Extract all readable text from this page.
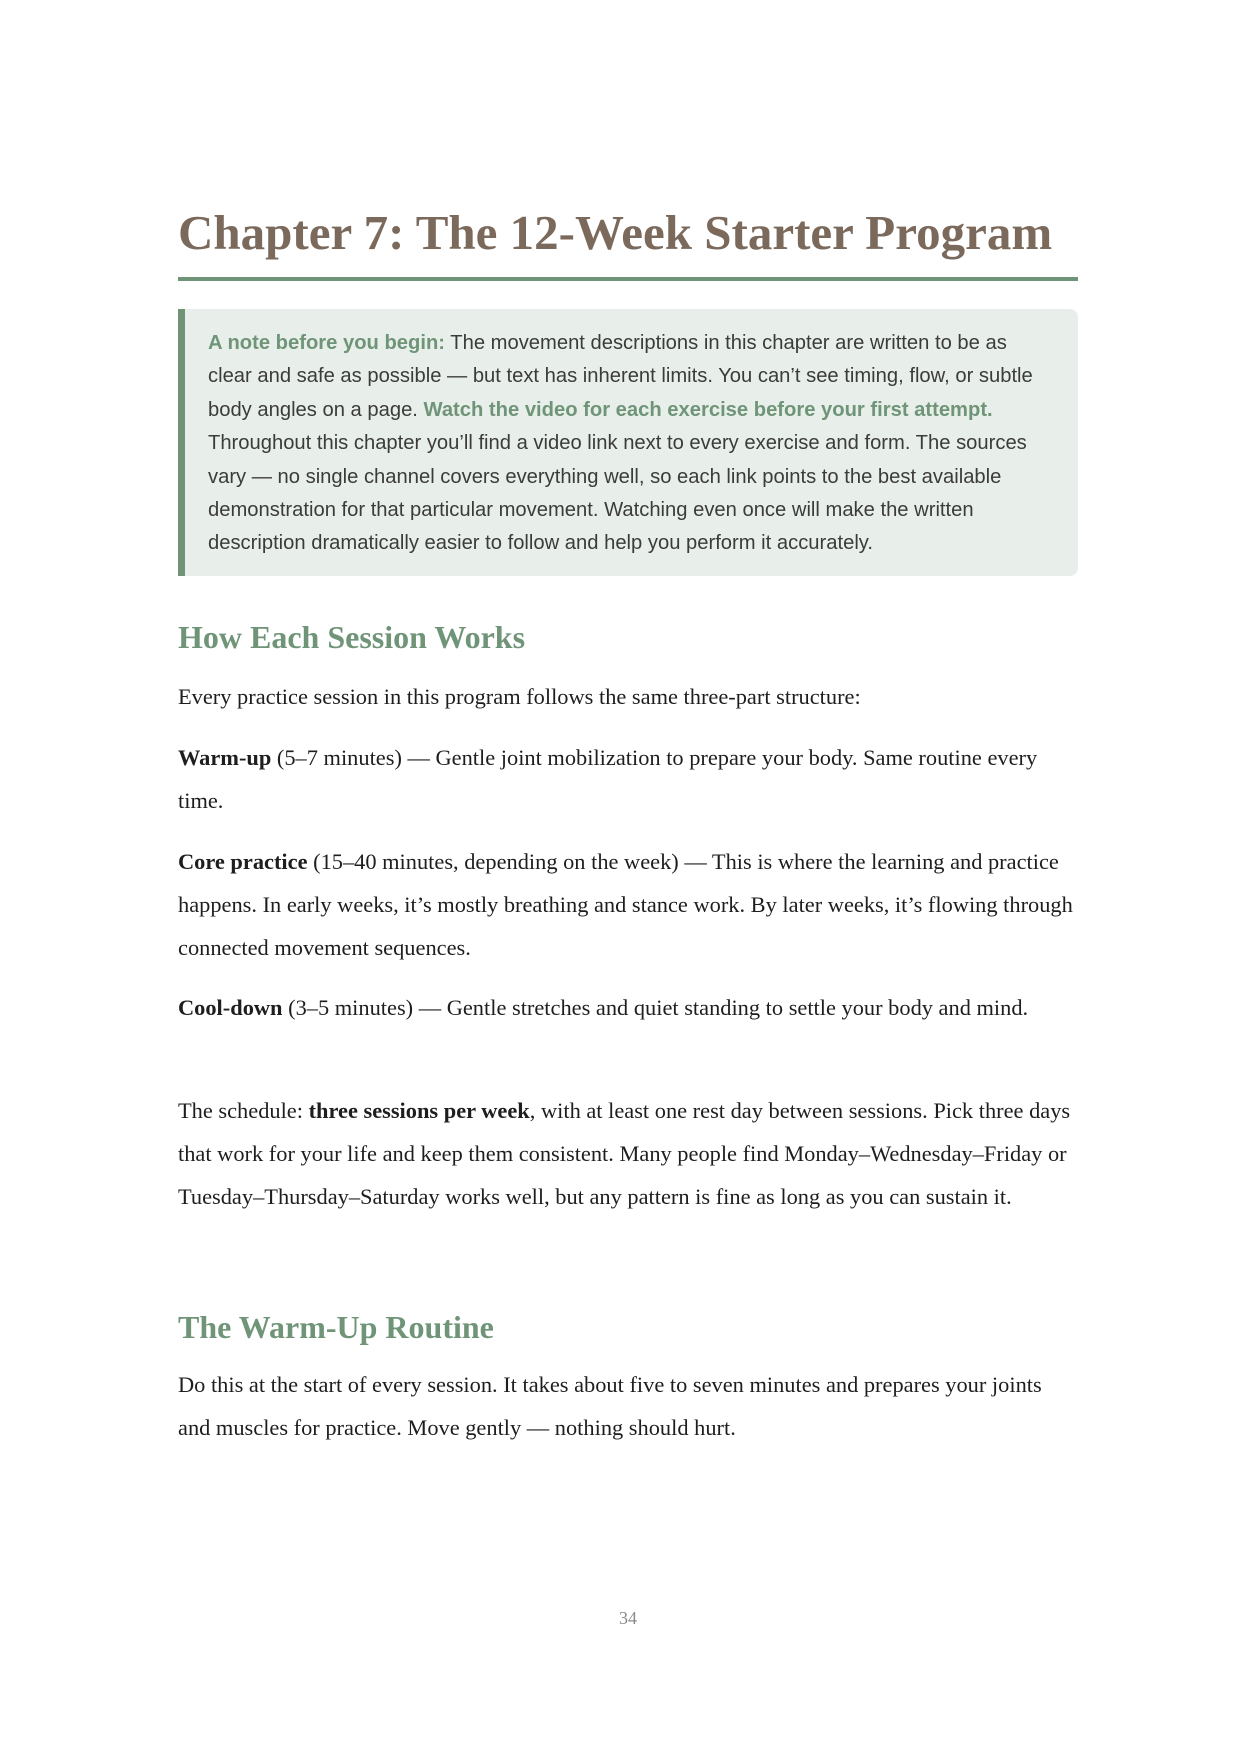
Chapter 7: The 12-Week Starter Program
A note before you begin: The movement descriptions in this chapter are written to be as clear and safe as possible — but text has inherent limits. You can’t see timing, flow, or subtle body angles on a page. Watch the video for each exercise before your first attempt. Throughout this chapter you’ll find a video link next to every exercise and form. The sources vary — no single channel covers everything well, so each link points to the best available demonstration for that particular movement. Watching even once will make the written description dramatically easier to follow and help you perform it accurately.
How Each Session Works

Every practice session in this program follows the same three-part structure:

Warm-up (5–7 minutes) — Gentle joint mobilization to prepare your body. Same routine every time.

Core practice (15–40 minutes, depending on the week) — This is where the learning and practice happens. In early weeks, it’s mostly breathing and stance work. By later weeks, it’s flowing through connected movement sequences.

Cool-down (3–5 minutes) — Gentle stretches and quiet standing to settle your body and mind.

The schedule: three sessions per week, with at least one rest day between sessions. Pick three days that work for your life and keep them consistent. Many people find Monday–Wednesday–Friday or Tuesday–Thursday–Saturday works well, but any pattern is fine as long as you can sustain it.

The Warm-Up Routine

Do this at the start of every session. It takes about five to seven minutes and prepares your joints and muscles for practice. Move gently — nothing should hurt.

34
